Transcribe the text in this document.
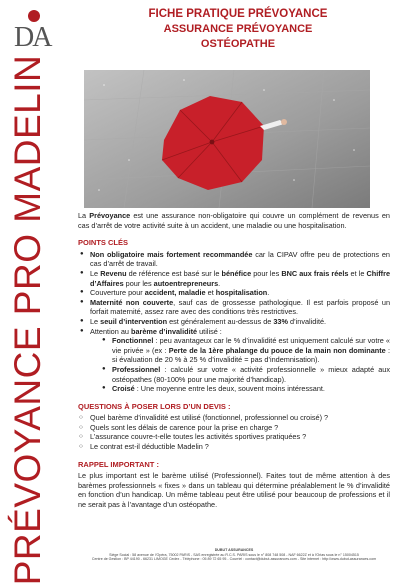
DA
PRÉVOYANCE PRO MADELIN
FICHE PRATIQUE PRÉVOYANCE
ASSURANCE PRÉVOYANCE
OSTÉOPATHE

La Prévoyance est une assurance non-obligatoire qui couvre un complément de revenus en cas d’arrêt de votre activité suite à un accident, une maladie ou une hospitalisation.

POINTS CLÉS
● Non obligatoire mais fortement recommandée car la CIPAV offre peu de protections en cas d’arrêt de travail.
● Le Revenu de référence est basé sur le bénéfice pour les BNC aux frais réels et le Chiffre d’Affaires pour les autoentrepreneurs.
● Couverture pour accident, maladie et hospitalisation.
● Maternité non couverte, sauf cas de grossesse pathologique. Il est parfois proposé un forfait maternité, assez rare avec des conditions très restrictives.
● Le seuil d’intervention est généralement au-dessus de 33% d’invalidité.
● Attention au barème d’invalidité utilisé :
● Fonctionnel : peu avantageux car le % d’invalidité est uniquement calculé sur votre « vie privée » (ex : Perte de la 1ère phalange du pouce de la main non dominante : si évaluation de 20 % à 25 % d’invalidité = pas d’indemnisation).
● Professionnel : calculé sur votre « activité professionnelle » mieux adapté aux ostéopathes (80-100% pour une majorité d’handicap).
● Croisé : Une moyenne entre les deux, souvent moins intéressant.
QUESTIONS À POSER LORS D’UN DEVIS :
○ Quel barème d’invalidité est utilisé (fonctionnel, professionnel ou croisé) ?
○ Quels sont les délais de carence pour la prise en charge ?
○ L’assurance couvre-t-elle toutes les activités sportives pratiquées ?
○ Le contrat est-il déductible Madelin ?
RAPPEL IMPORTANT :

Le plus important est le barème utilisé (Professionnel). Faites tout de même attention à des barèmes professionnels « fixes » dans un tableau qui détermine préalablement le % d’invalidité en fonction d’un handicap. Un même tableau peut être utilisé pour beaucoup de professions et il ne serait pas à l’avantage d’un ostéopathe.

DUBUT ASSURANCES
Siège Social : 58 avenue de l’Opéra, 75002 PARIS - SAS enregistrée au R.C.S. PARIS sous le n° 808 748 508 - NAF 6622Z et à l’Orias sous le n° 15004515
Centre de Gestion : BP 44190 - 66231 LIMOGE Cedex - Téléphone : 05 89 72 65 95 - Courriel : contact@dubut-assurances.com - Site internet : http://www.dubut-assurances.com
